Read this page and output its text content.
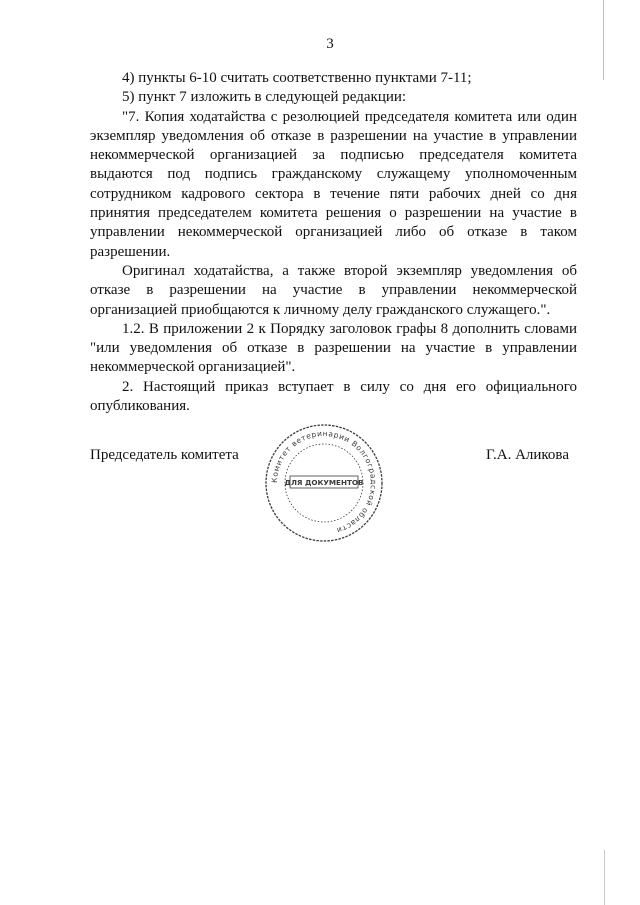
3

4) пункты 6-10 считать соответственно пунктами 7-11;

5) пункт 7 изложить в следующей редакции:

"7. Копия ходатайства с резолюцией председателя комитета или один экземпляр уведомления об отказе в разрешении на участие в управлении некоммерческой организацией за подписью председателя комитета выдаются под подпись гражданскому служащему уполномоченным сотрудником кадрового сектора в течение пяти рабочих дней со дня принятия председателем комитета решения о разрешении на участие в управлении некоммерческой организацией либо об отказе в таком разрешении.

Оригинал ходатайства, а также второй экземпляр уведомления об отказе в разрешении на участие в управлении некоммерческой организацией приобщаются к личному делу гражданского служащего.".

1.2. В приложении 2 к Порядку заголовок графы 8 дополнить словами "или уведомления об отказе в разрешении на участие в управлении некоммерческой организацией".

2. Настоящий приказ вступает в силу со дня его официального опубликования.

Председатель комитета
Комитет ветеринарии Волгоградской области
ДЛЯ ДОКУМЕНТОВ
Г.А. Аликова
